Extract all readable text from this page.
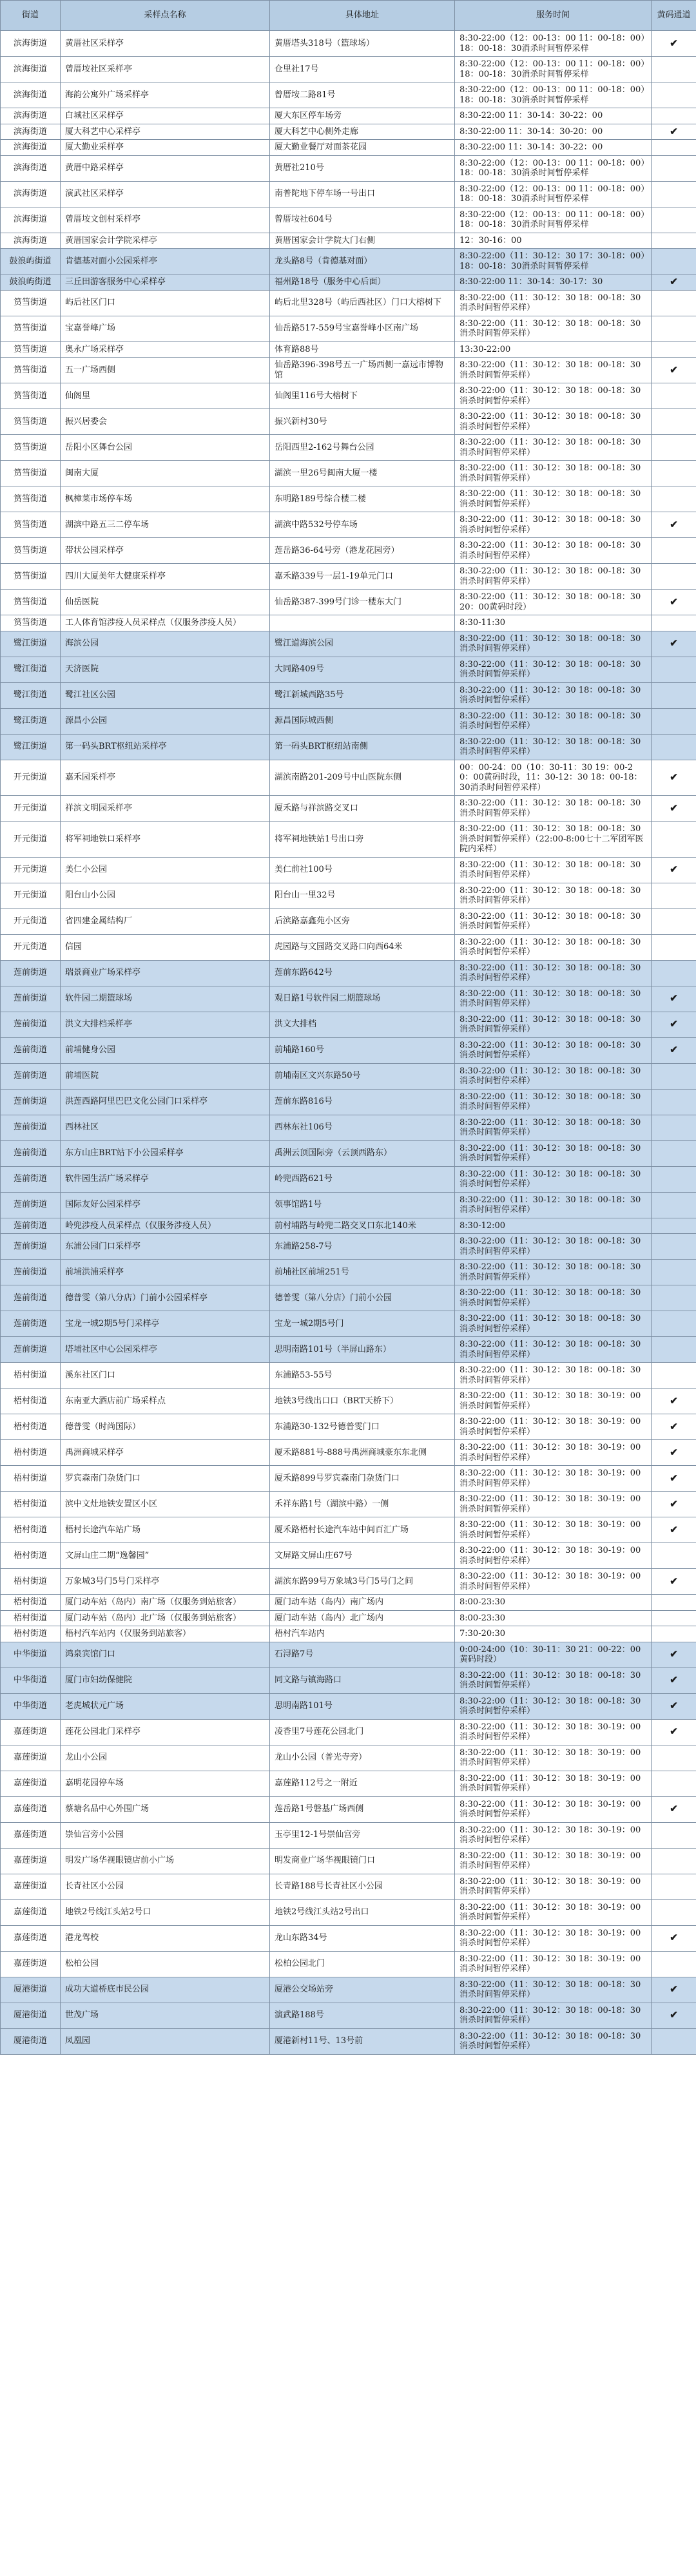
街道	采样点名称	具体地址	服务时间	黄码通道
滨海街道	黄厝社区采样亭	黄厝塔头318号（篮球场）	8:30-22:00（12：00-13：00 11：00-18：00）18：00-18：30消杀时间暂停采样	✔
滨海街道	曾厝垵社区采样亭	仓里社17号	8:30-22:00（12：00-13：00 11：00-18：00）18：00-18：30消杀时间暂停采样	
滨海街道	海韵公寓外广场采样亭	曾厝垵二路81号	8:30-22:00（12：00-13：00 11：00-18：00）18：00-18：30消杀时间暂停采样	
滨海街道	白城社区采样亭	厦大东区停车场旁	8:30-22:00 11：30-14：30-22：00	
滨海街道	厦大科艺中心采样亭	厦大科艺中心侧外走廊	8:30-22:00 11：30-14：30-20：00	✔
滨海街道	厦大勤业采样亭	厦大勤业餐厅对面茶花园	8:30-22:00 11：30-14：30-22：00	
滨海街道	黄厝中路采样亭	黄厝社210号	8:30-22:00（12：00-13：00 11：00-18：00）18：00-18：30消杀时间暂停采样	
滨海街道	演武社区采样亭	南普陀地下停车场一号出口	8:30-22:00（12：00-13：00 11：00-18：00）18：00-18：30消杀时间暂停采样	
滨海街道	曾厝垵文创村采样亭	曾厝垵社604号	8:30-22:00（12：00-13：00 11：00-18：00）18：00-18：30消杀时间暂停采样	
滨海街道	黄厝国家会计学院采样亭	黄厝国家会计学院大门右侧	12：30-16：00	
鼓浪屿街道	肯德基对面小公园采样亭	龙头路8号（肯德基对面）	8:30-22:00（11：30-12：30 17：30-18：00）18：00-18：30消杀时间暂停采样	
鼓浪屿街道	三丘田游客服务中心采样亭	福州路18号（服务中心后面）	8:30-22:00 11：30-14：30-17：30	✔
筼筜街道	屿后社区门口	屿后北里328号（屿后西社区）门口大榕树下	8:30-22:00（11：30-12：30 18：00-18：30消杀时间暂停采样）	
筼筜街道	宝嘉誉峰广场	仙岳路517-559号宝嘉誉峰小区南广场	8:30-22:00（11：30-12：30 18：00-18：30消杀时间暂停采样）	
筼筜街道	奥永广场采样亭	体育路88号	13:30-22:00	
筼筜街道	五一广场西侧	仙岳路396-398号五一广场西侧一嘉远市博物馆	8:30-22:00（11：30-12：30 18：00-18：30消杀时间暂停采样）	✔
筼筜街道	仙阁里	仙阁里116号大榕树下	8:30-22:00（11：30-12：30 18：00-18：30消杀时间暂停采样）	
筼筜街道	振兴居委会	振兴新村30号	8:30-22:00（11：30-12：30 18：00-18：30消杀时间暂停采样）	
筼筜街道	岳阳小区舞台公园	岳阳西里2-162号舞台公园	8:30-22:00（11：30-12：30 18：00-18：30消杀时间暂停采样）	
筼筜街道	闽南大厦	湖滨一里26号闽南大厦一楼	8:30-22:00（11：30-12：30 18：00-18：30消杀时间暂停采样）	
筼筜街道	枫樟菜市场停车场	东明路189号综合楼二楼	8:30-22:00（11：30-12：30 18：00-18：30消杀时间暂停采样）	
筼筜街道	湖滨中路五三二停车场	湖滨中路532号停车场	8:30-22:00（11：30-12：30 18：00-18：30消杀时间暂停采样）	✔
筼筜街道	带状公园采样亭	莲岳路36-64号旁（港龙花园旁）	8:30-22:00（11：30-12：30 18：00-18：30消杀时间暂停采样）	
筼筜街道	四川大厦美年大健康采样亭	嘉禾路339号一层1-19单元门口	8:30-22:00（11：30-12：30 18：00-18：30消杀时间暂停采样）	
筼筜街道	仙岳医院	仙岳路387-399号门诊一楼东大门	8:30-22:00（11：30-12：30 18：00-18：30 20：00黄码时段）	✔
筼筜街道	工人体育馆涉疫人员采样点（仅服务涉疫人员）		8:30-11:30	
鹭江街道	海滨公园	鹭江道海滨公园	8:30-22:00（11：30-12：30 18：00-18：30消杀时间暂停采样）	✔
鹭江街道	天济医院	大同路409号	8:30-22:00（11：30-12：30 18：00-18：30消杀时间暂停采样）	
鹭江街道	鹭江社区公园	鹭江新城西路35号	8:30-22:00（11：30-12：30 18：00-18：30消杀时间暂停采样）	
鹭江街道	源昌小公园	源昌国际城西侧	8:30-22:00（11：30-12：30 18：00-18：30消杀时间暂停采样）	
鹭江街道	第一码头BRT枢纽站采样亭	第一码头BRT枢纽站南侧	8:30-22:00（11：30-12：30 18：00-18：30消杀时间暂停采样）	
开元街道	嘉禾园采样亭	湖滨南路201-209号中山医院东侧	00：00-24：00（10：30-11：30 19：00-20：00黄码时段，11：30-12：30 18：00-18：30消杀时间暂停采样）	✔
开元街道	祥滨文明园采样亭	厦禾路与祥滨路交叉口	8:30-22:00（11：30-12：30 18：00-18：30消杀时间暂停采样）	✔
开元街道	将军祠地铁口采样亭	将军祠地铁站1号出口旁	8:30-22:00（11：30-12：30 18：00-18：30消杀时间暂停采样）（22:00-8:00七十二军团军医院内采样）	
开元街道	美仁小公园	美仁前社100号	8:30-22:00（11：30-12：30 18：00-18：30消杀时间暂停采样）	✔
开元街道	阳台山小公园	阳台山一里32号	8:30-22:00（11：30-12：30 18：00-18：30消杀时间暂停采样）	
开元街道	省四建金属结构厂	后滨路嘉鑫苑小区旁	8:30-22:00（11：30-12：30 18：00-18：30消杀时间暂停采样）	
开元街道	信园	虎园路与文园路交叉路口向西64米	8:30-22:00（11：30-12：30 18：00-18：30消杀时间暂停采样）	
莲前街道	瑞景商业广场采样亭	莲前东路642号	8:30-22:00（11：30-12：30 18：00-18：30消杀时间暂停采样）	
莲前街道	软件园二期篮球场	观日路1号软件园二期篮球场	8:30-22:00（11：30-12：30 18：00-18：30消杀时间暂停采样）	✔
莲前街道	洪文大排档采样亭	洪文大排档	8:30-22:00（11：30-12：30 18：00-18：30消杀时间暂停采样）	✔
莲前街道	前埔健身公园	前埔路160号	8:30-22:00（11：30-12：30 18：00-18：30消杀时间暂停采样）	✔
莲前街道	前埔医院	前埔南区文兴东路50号	8:30-22:00（11：30-12：30 18：00-18：30消杀时间暂停采样）	
莲前街道	洪莲西路阿里巴巴文化公园门口采样亭	莲前东路816号	8:30-22:00（11：30-12：30 18：00-18：30消杀时间暂停采样）	
莲前街道	西林社区	西林东社106号	8:30-22:00（11：30-12：30 18：00-18：30消杀时间暂停采样）	
莲前街道	东方山庄BRT站下小公园采样亭	禹洲云顶国际旁（云顶西路东）	8:30-22:00（11：30-12：30 18：00-18：30消杀时间暂停采样）	
莲前街道	软件园生活广场采样亭	岭兜西路621号	8:30-22:00（11：30-12：30 18：00-18：30消杀时间暂停采样）	
莲前街道	国际友好公园采样亭	领事馆路1号	8:30-22:00（11：30-12：30 18：00-18：30消杀时间暂停采样）	
莲前街道	岭兜涉疫人员采样点（仅服务涉疫人员）	前村埔路与岭兜二路交叉口东北140米	8:30-12:00	
莲前街道	东浦公园门口采样亭	东浦路258-7号	8:30-22:00（11：30-12：30 18：00-18：30消杀时间暂停采样）	
莲前街道	前埔洪浦采样亭	前埔社区前埔251号	8:30-22:00（11：30-12：30 18：00-18：30消杀时间暂停采样）	
莲前街道	德普雯（第八分店）门前小公园采样亭	德普雯（第八分店）门前小公园	8:30-22:00（11：30-12：30 18：00-18：30消杀时间暂停采样）	
莲前街道	宝龙一城2期5号门采样亭	宝龙一城2期5号门	8:30-22:00（11：30-12：30 18：00-18：30消杀时间暂停采样）	
莲前街道	塔埔社区中心公园采样亭	思明南路101号（半屏山路东）	8:30-22:00（11：30-12：30 18：00-18：30消杀时间暂停采样）	
梧村街道	溪东社区门口	东浦路53-55号	8:30-22:00（11：30-12：30 18：00-18：30消杀时间暂停采样）	
梧村街道	东南亚大酒店前广场采样点	地铁3号线出口口（BRT天桥下）	8:30-22:00（11：30-12：30 18：30-19：00消杀时间暂停采样）	✔
梧村街道	德普雯（时尚国际）	东浦路30-132号德普雯门口	8:30-22:00（11：30-12：30 18：30-19：00消杀时间暂停采样）	✔
梧村街道	禹洲商城采样亭	厦禾路881号-888号禹洲商城豪东东北侧	8:30-22:00（11：30-12：30 18：30-19：00消杀时间暂停采样）	✔
梧村街道	罗宾森南门杂货门口	厦禾路899号罗宾森南门杂货门口	8:30-22:00（11：30-12：30 18：30-19：00消杀时间暂停采样）	✔
梧村街道	滨中文灶地铁安置区小区	禾祥东路1号（湖滨中路）一侧	8:30-22:00（11：30-12：30 18：30-19：00消杀时间暂停采样）	✔
梧村街道	梧村长途汽车站广场	厦禾路梧村长途汽车站中间百汇广场	8:30-22:00（11：30-12：30 18：30-19：00消杀时间暂停采样）	✔
梧村街道	文屏山庄二期“逸馨园”	文屏路文屏山庄67号	8:30-22:00（11：30-12：30 18：30-19：00消杀时间暂停采样）	
梧村街道	万象城3号门5号门采样亭	湖滨东路99号万象城3号门5号门之间	8:30-22:00（11：30-12：30 18：30-19：00消杀时间暂停采样）	✔
梧村街道	厦门动车站（岛内）南广场（仅服务到站旅客）	厦门动车站（岛内）南广场内	8:00-23:30	
梧村街道	厦门动车站（岛内）北广场（仅服务到站旅客）	厦门动车站（岛内）北广场内	8:00-23:30	
梧村街道	梧村汽车站内（仅服务到站旅客）	梧村汽车站内	7:30-20:30	
中华街道	鸿泉宾馆门口	石浔路7号	0:00-24:00（10：30-11：30 21：00-22：00黄码时段）	✔
中华街道	厦门市妇幼保健院	同文路与镇海路口	8:30-22:00（11：30-12：30 18：00-18：30消杀时间暂停采样）	✔
中华街道	老虎城状元广场	思明南路101号	8:30-22:00（11：30-12：30 18：00-18：30消杀时间暂停采样）	✔
嘉莲街道	莲花公园北门采样亭	凌香里7号莲花公园北门	8:30-22:00（11：30-12：30 18：30-19：00消杀时间暂停采样）	✔
嘉莲街道	龙山小公园	龙山小公园（普光寺旁）	8:30-22:00（11：30-12：30 18：30-19：00消杀时间暂停采样）	
嘉莲街道	嘉明花园停车场	嘉莲路112号之一附近	8:30-22:00（11：30-12：30 18：30-19：00消杀时间暂停采样）	
嘉莲街道	蔡塘名品中心外围广场	莲岳路1号磐基广场西侧	8:30-22:00（11：30-12：30 18：30-19：00消杀时间暂停采样）	✔
嘉莲街道	崇仙宫旁小公园	玉亭里12-1号崇仙宫旁	8:30-22:00（11：30-12：30 18：30-19：00消杀时间暂停采样）	
嘉莲街道	明发广场华视眼镜店前小广场	明发商业广场华视眼镜门口	8:30-22:00（11：30-12：30 18：30-19：00消杀时间暂停采样）	
嘉莲街道	长青社区小公园	长青路188号长青社区小公园	8:30-22:00（11：30-12：30 18：30-19：00消杀时间暂停采样）	
嘉莲街道	地铁2号线江头站2号口	地铁2号线江头站2号出口	8:30-22:00（11：30-12：30 18：30-19：00消杀时间暂停采样）	
嘉莲街道	港龙驾校	龙山东路34号	8:30-22:00（11：30-12：30 18：30-19：00消杀时间暂停采样）	✔
嘉莲街道	松柏公园	松柏公园北门	8:30-22:00（11：30-12：30 18：30-19：00消杀时间暂停采样）	
厦港街道	成功大道桥底市民公园	厦港公交场站旁	8:30-22:00（11：30-12：30 18：00-18：30消杀时间暂停采样）	✔
厦港街道	世茂广场	演武路188号	8:30-22:00（11：30-12：30 18：00-18：30消杀时间暂停采样）	✔
厦港街道	凤凰园	厦港新村11号、13号前	8:30-22:00（11：30-12：30 18：00-18：30消杀时间暂停采样）	
